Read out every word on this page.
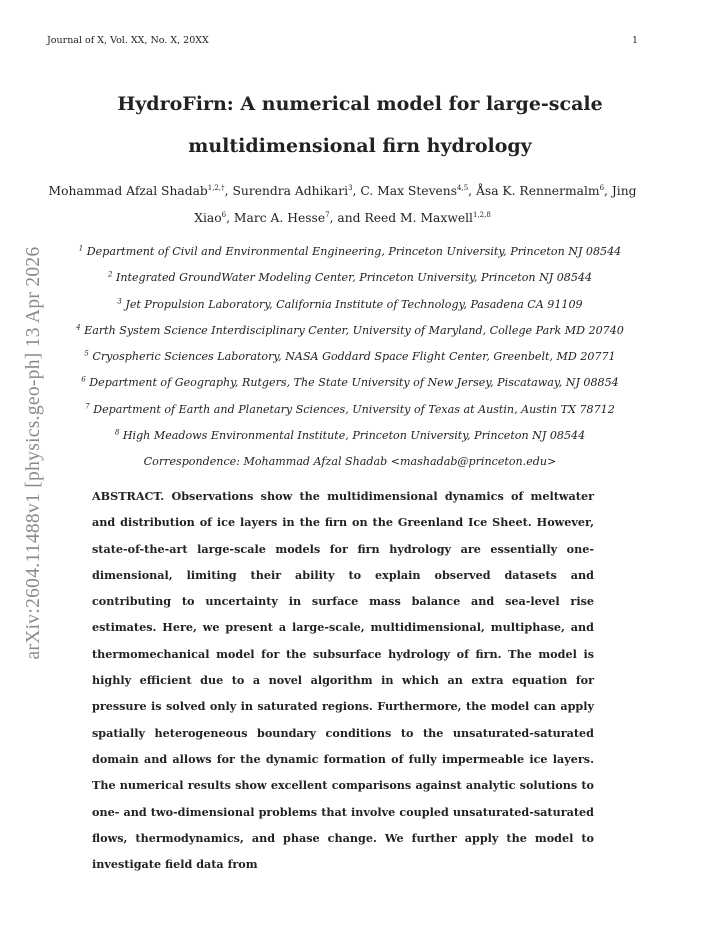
Journal of X, Vol. XX, No. X, 20XX	1
arXiv:2604.11488v1 [physics.geo-ph] 13 Apr 2026
HydroFirn: A numerical model for large-scale
multidimensional firn hydrology
Mohammad Afzal Shadab$^{1,2,\dagger}$, Surendra Adhikari$^3$, C. Max Stevens$^{4,5}$, Åsa K. Rennermalm$^6$, Jing Xiao$^6$, Marc A. Hesse$^7$, and Reed M. Maxwell$^{1,2,8}$
$^1$ Department of Civil and Environmental Engineering, Princeton University, Princeton NJ 08544
$^2$ Integrated GroundWater Modeling Center, Princeton University, Princeton NJ 08544
$^3$ Jet Propulsion Laboratory, California Institute of Technology, Pasadena CA 91109
$^4$ Earth System Science Interdisciplinary Center, University of Maryland, College Park MD 20740
$^5$ Cryospheric Sciences Laboratory, NASA Goddard Space Flight Center, Greenbelt, MD 20771
$^6$ Department of Geography, Rutgers, The State University of New Jersey, Piscataway, NJ 08854
$^7$ Department of Earth and Planetary Sciences, University of Texas at Austin, Austin TX 78712
$^8$ High Meadows Environmental Institute, Princeton University, Princeton NJ 08544
Correspondence: Mohammad Afzal Shadab <mashadab@princeton.edu>
ABSTRACT. Observations show the multidimensional dynamics of meltwater and distribution of ice layers in the firn on the Greenland Ice Sheet. However, state-of-the-art large-scale models for firn hydrology are essentially one-dimensional, limiting their ability to explain observed datasets and contributing to uncertainty in surface mass balance and sea-level rise estimates. Here, we present a large-scale, multidimensional, multiphase, and thermomechanical model for the subsurface hydrology of firn. The model is highly efficient due to a novel algorithm in which an extra equation for pressure is solved only in saturated regions. Furthermore, the model can apply spatially heterogeneous boundary conditions to the unsaturated-saturated domain and allows for the dynamic formation of fully impermeable ice layers. The numerical results show excellent comparisons against analytic solutions to one- and two-dimensional problems that involve coupled unsaturated-saturated flows, thermodynamics, and phase change. We further apply the model to investigate field data from
